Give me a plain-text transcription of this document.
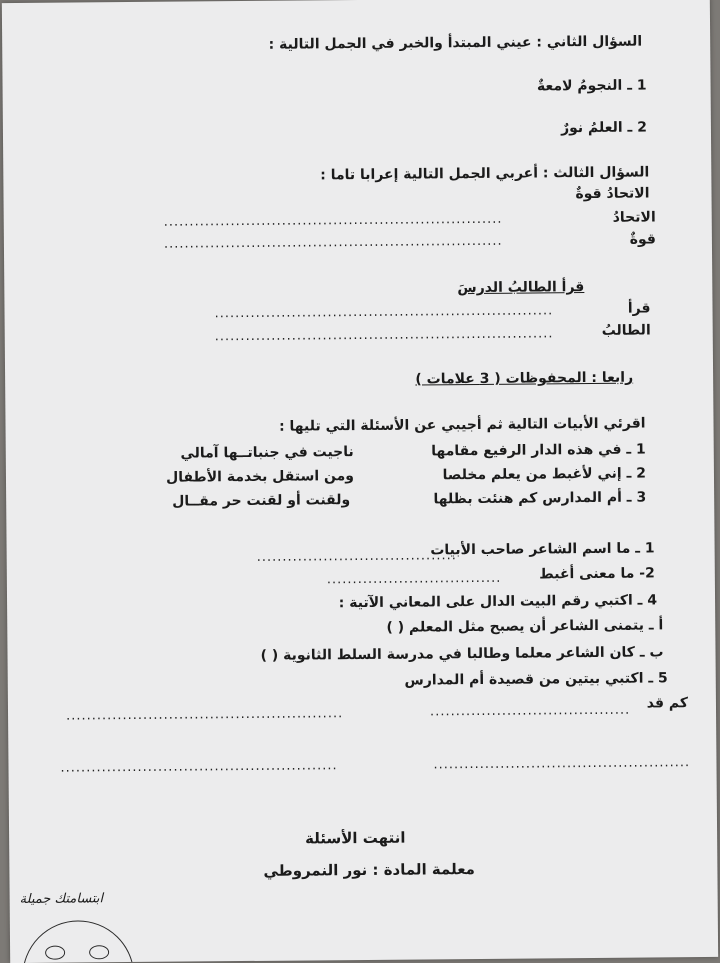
السؤال الثاني : عيني المبتدأ والخبر في الجمل التالية :
1 ـ النجومُ لامعةٌ
2 ـ العلمُ نورٌ
السؤال الثالث : أعربي الجمل التالية إعرابا تاما :
الاتحادُ قوةٌ
الاتحادُ
..................................................................
قوةٌ
..................................................................
قرأ الطالبُ الدرسَ
قرأ
..................................................................
الطالبُ
..................................................................
رابعا : المحفوظات ( 3 علامات )
اقرئي الأبيات التالية ثم أجيبي عن الأسئلة التي تليها :
1 ـ في هذه الدار الرفيع مقامها
ناجيت في جنباتــها آمالي
2 ـ إني لأغبط من يعلم مخلصا
ومن استقل بخدمة الأطفال
3 ـ أم المدارس كم هنئت بظلها
ولقنت أو لقنت حر مقــال
1 ـ ما اسم الشاعر صاحب الأبيات
.......................................
2- ما معنى أغبط
..................................
4 ـ اكتبي رقم البيت الدال على المعاني الآتية :
أ ـ يتمنى الشاعر أن يصبح مثل المعلم ( )
ب ـ كان الشاعر معلما وطالبا في مدرسة السلط الثانوية ( )
5 ـ اكتبي بيتين من قصيدة أم المدارس
كم قد
.......................................
......................................................
..................................................
......................................................
انتهت الأسئلة
معلمة المادة : نور النمروطي
ابتسامتك جميلة
